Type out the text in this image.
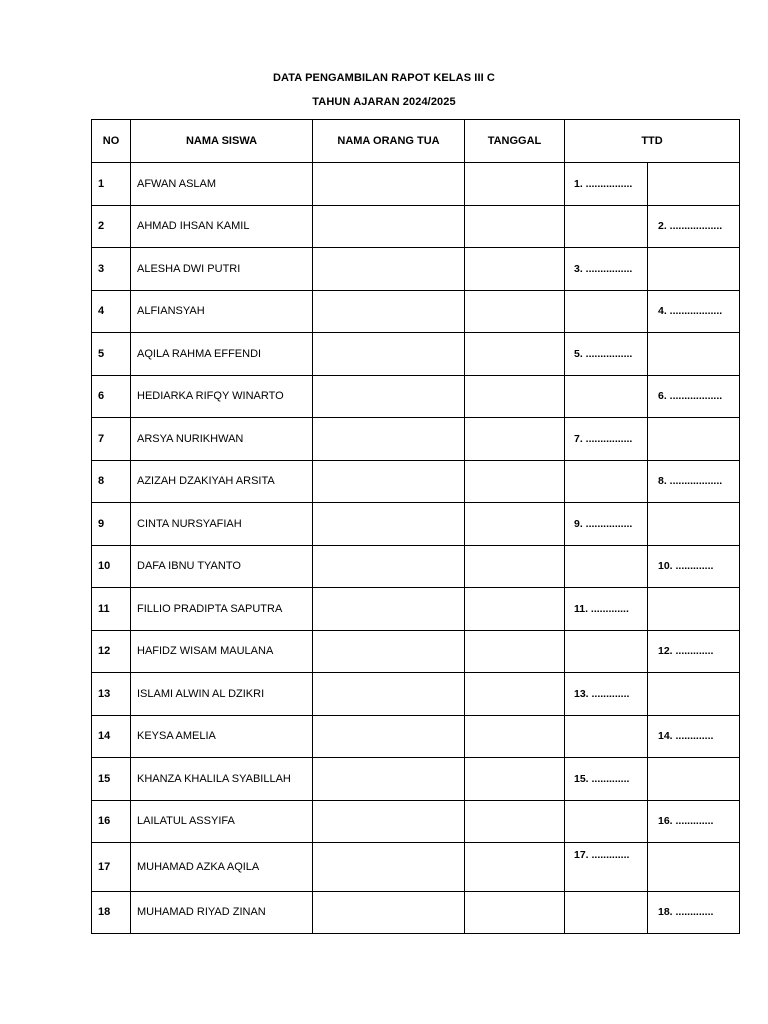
DATA PENGAMBILAN RAPOT KELAS III C
TAHUN AJARAN 2024/2025
NO	NAMA SISWA	NAMA ORANG TUA	TANGGAL	TTD	
1	AFWAN ASLAM			1. ................	
2	AHMAD IHSAN KAMIL				2. ..................
3	ALESHA DWI PUTRI			3. ................	
4	ALFIANSYAH				4. ..................
5	AQILA RAHMA EFFENDI			5. ................	
6	HEDIARKA RIFQY WINARTO				6. ..................
7	ARSYA NURIKHWAN			7. ................	
8	AZIZAH DZAKIYAH ARSITA				8. ..................
9	CINTA NURSYAFIAH			9. ................	
10	DAFA IBNU TYANTO				10. .............
11	FILLIO PRADIPTA SAPUTRA			11. .............	
12	HAFIDZ WISAM MAULANA				12. .............
13	ISLAMI ALWIN AL DZIKRI			13. .............	
14	KEYSA AMELIA				14. .............
15	KHANZA KHALILA SYABILLAH			15. .............	
16	LAILATUL ASSYIFA				16. .............
17	MUHAMAD AZKA AQILA			17. .............	
18	MUHAMAD RIYAD ZINAN				18. .............
